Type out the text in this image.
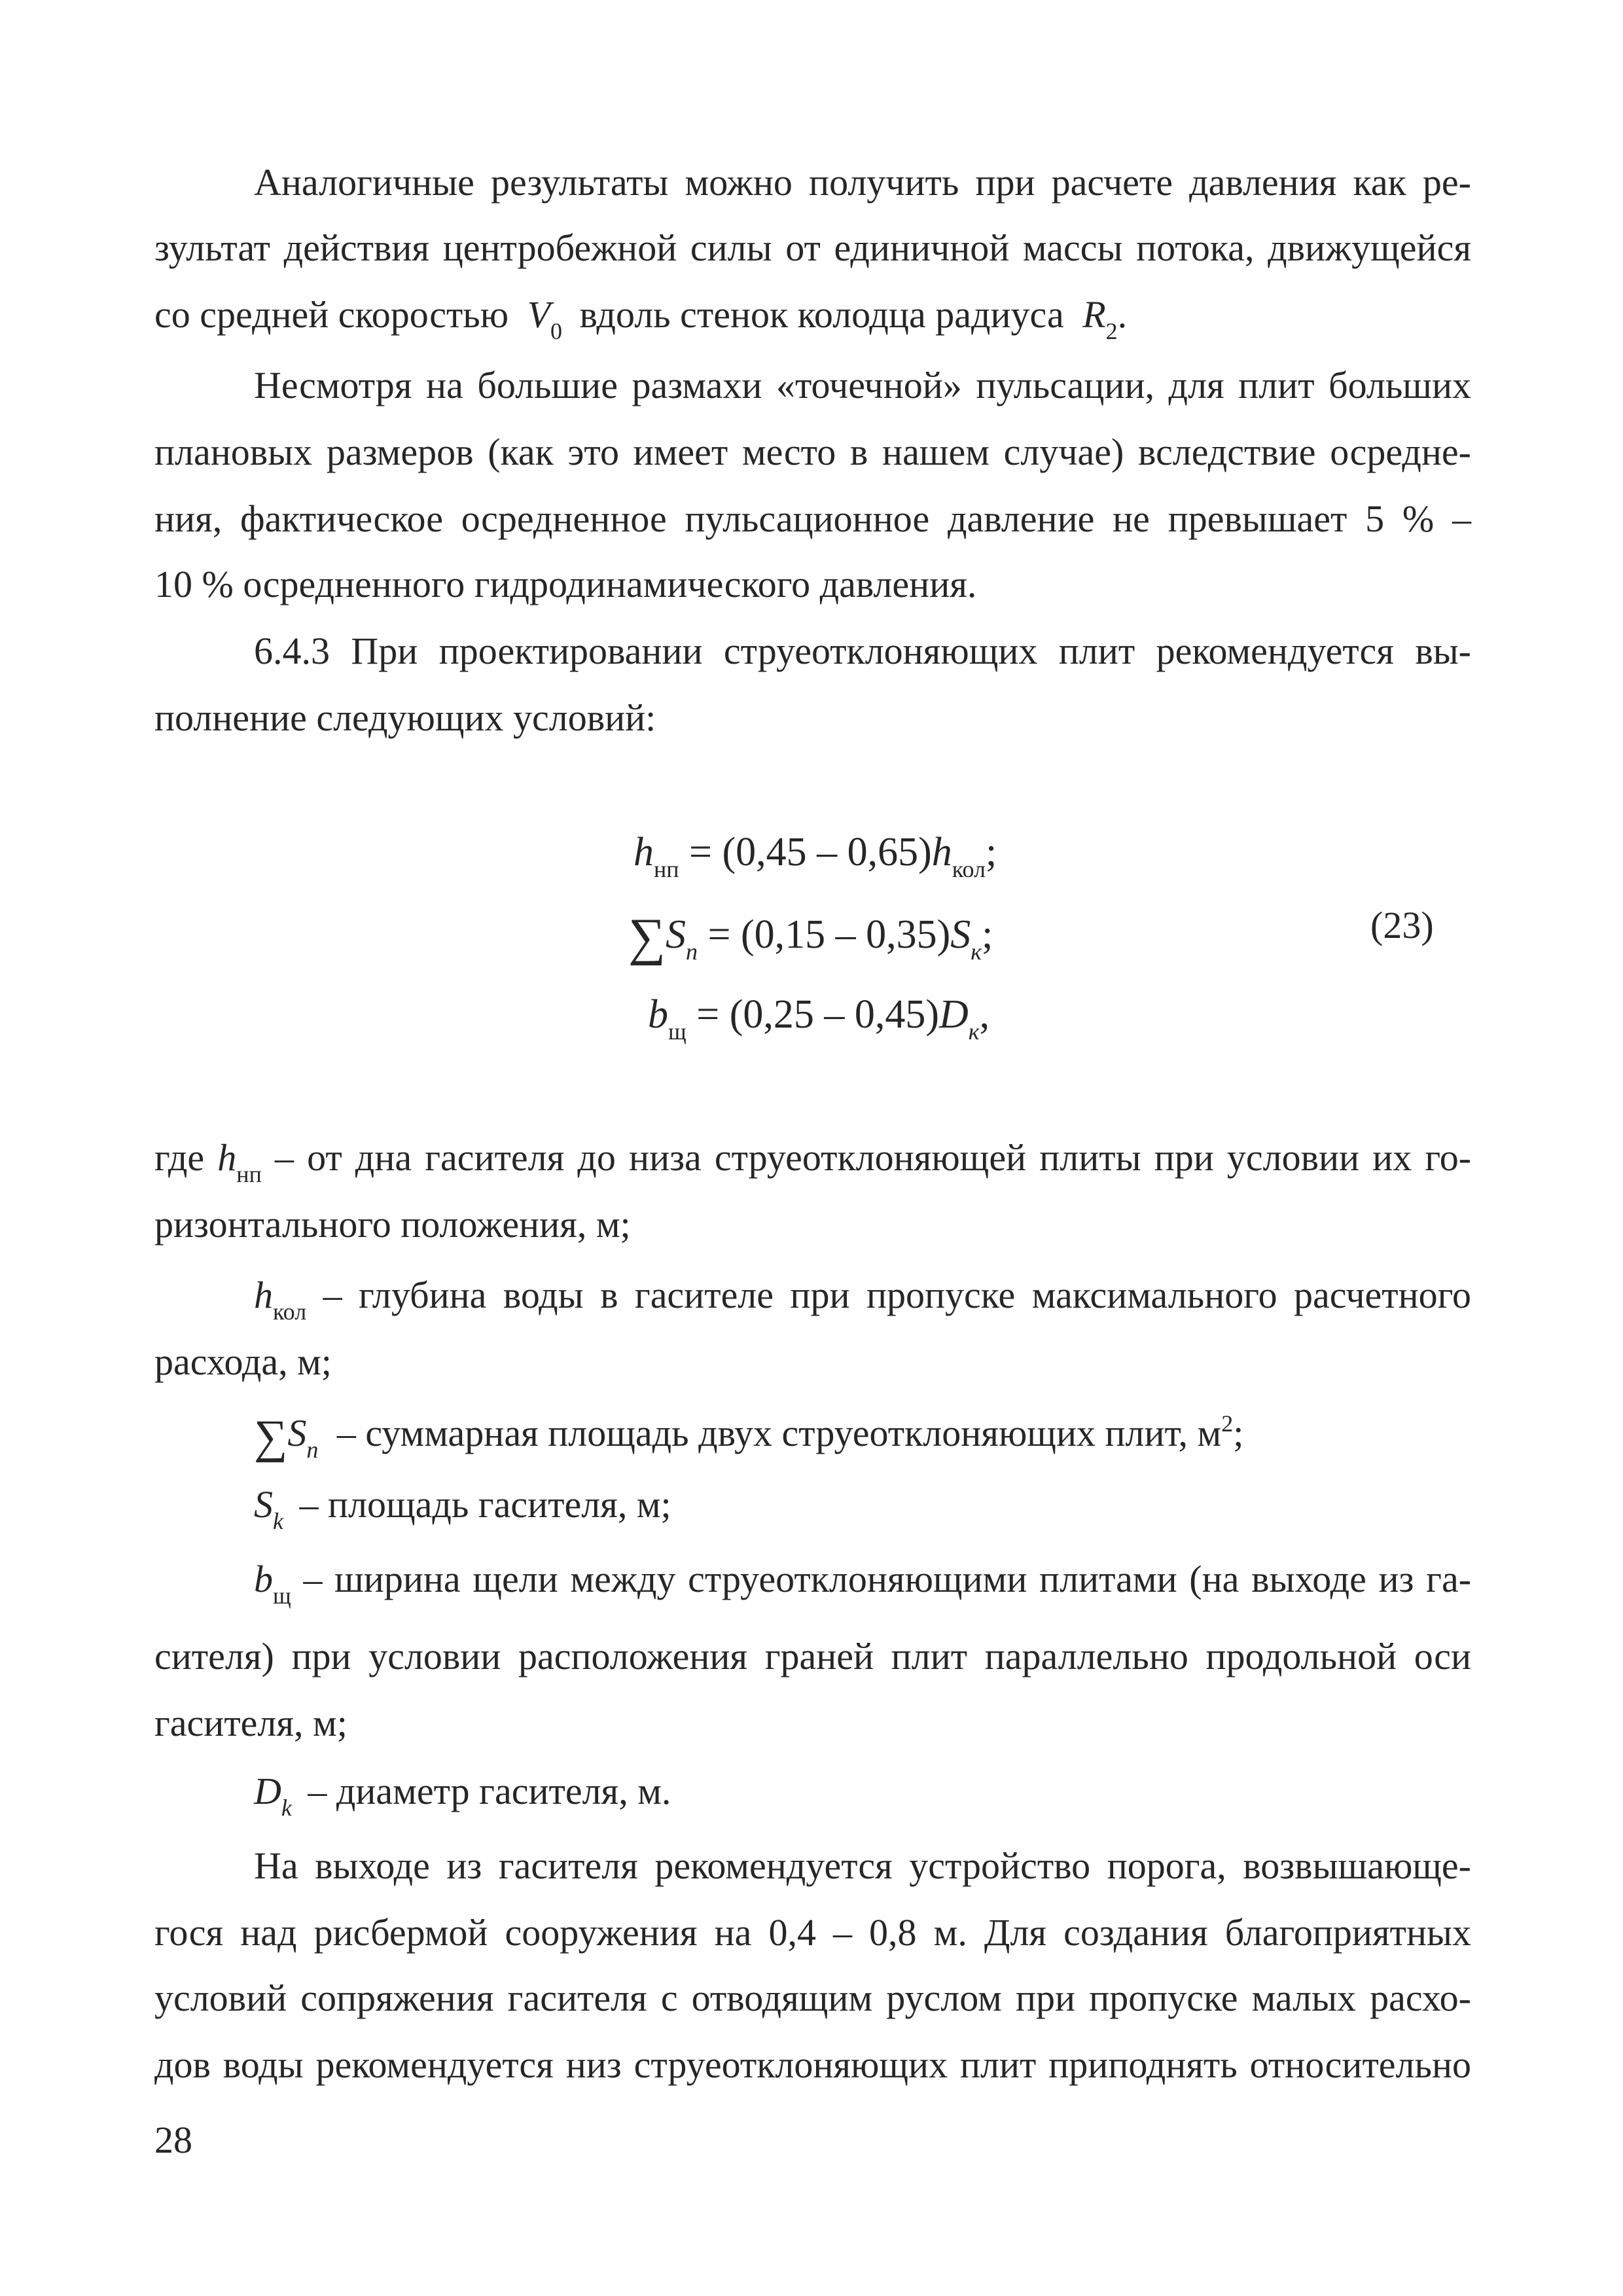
Аналогичные результаты можно получить при расчете давления как ре-
зультат действия центробежной силы от единичной массы потока, движущейся
со средней скоростью $V_0$ вдоль стенок колодца радиуса $R_2$.
Несмотря на большие размахи «точечной» пульсации, для плит больших
плановых размеров (как это имеет место в нашем случае) вследствие осредне-
ния, фактическое осредненное пульсационное давление не превышает 5 % –
10 % осредненного гидродинамического давления.
6.4.3 При проектировании струеотклоняющих плит рекомендуется вы-
полнение следующих условий:
$h_{нп} = (0,45 - 0,65)h_{кол}$;
$\sum S_n = (0,15 - 0,35)S_к$;
$b_щ = (0,25 - 0,45)D_к$,
(23)
где $h_{нп}$ – от дна гасителя до низа струеотклоняющей плиты при условии их го-
ризонтального положения, м;
$h_{кол}$ – глубина воды в гасителе при пропуске максимального расчетного
расхода, м;
$\sum S_n$ – суммарная площадь двух струеотклоняющих плит, $м^2$;
$S_k$ – площадь гасителя, м;
$b_щ$ – ширина щели между струеотклоняющими плитами (на выходе из га-
сителя) при условии расположения граней плит параллельно продольной оси
гасителя, м;
$D_k$ – диаметр гасителя, м.
На выходе из гасителя рекомендуется устройство порога, возвышающе-
гося над рисбермой сооружения на 0,4 – 0,8 м. Для создания благоприятных
условий сопряжения гасителя с отводящим руслом при пропуске малых расхо-
дов воды рекомендуется низ струеотклоняющих плит приподнять относительно
28
